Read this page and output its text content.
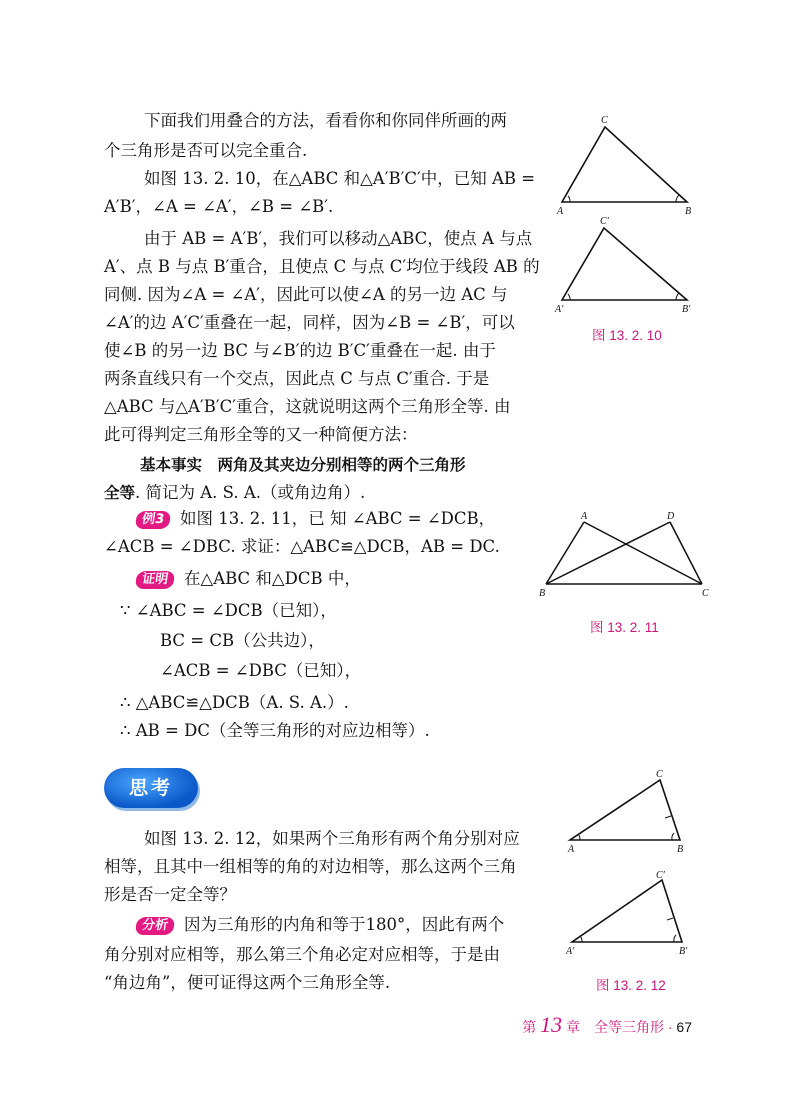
下面我们用叠合的方法，看看你和你同伴所画的两
个三角形是否可以完全重合.
如图 13. 2. 10，在△ABC 和△A′B′C′中，已知 AB =
A′B′，∠A = ∠A′，∠B = ∠B′.
由于 AB = A′B′，我们可以移动△ABC，使点 A 与点
A′、点 B 与点 B′重合，且使点 C 与点 C′均位于线段 AB 的
同侧. 因为∠A = ∠A′，因此可以使∠A 的另一边 AC 与
∠A′的边 A′C′重叠在一起，同样，因为∠B = ∠B′，可以
使∠B 的另一边 BC 与∠B′的边 B′C′重叠在一起. 由于
两条直线只有一个交点，因此点 C 与点 C′重合. 于是
△ABC 与△A′B′C′重合，这就说明这两个三角形全等. 由
此可得判定三角形全等的又一种简便方法：
基本事实　两角及其夹边分别相等的两个三角形
全等. 简记为 A. S. A.（或角边角）.
例3 如图 13. 2. 11，已 知 ∠ABC = ∠DCB，
∠ACB = ∠DBC. 求证：△ABC≌△DCB，AB = DC.
证明 在△ABC 和△DCB 中，
∵ ∠ABC = ∠DCB（已知），
BC = CB（公共边），
∠ACB = ∠DBC（已知），
∴ △ABC≌△DCB（A. S. A.）.
∴ AB = DC（全等三角形的对应边相等）.
思考
如图 13. 2. 12，如果两个三角形有两个角分别对应
相等，且其中一组相等的角的对边相等，那么这两个三角
形是否一定全等？
分析 因为三角形的内角和等于180°，因此有两个
角分别对应相等，那么第三个角必定对应相等，于是由
“角边角”，便可证得这两个三角形全等.
C
A	B
C′
A′	B′
图 13. 2. 10
A	D
B	C
图 13. 2. 11
C
A	B
C′
A′	B′
图 13. 2. 12
第 13 章　全等三角形 · 67
